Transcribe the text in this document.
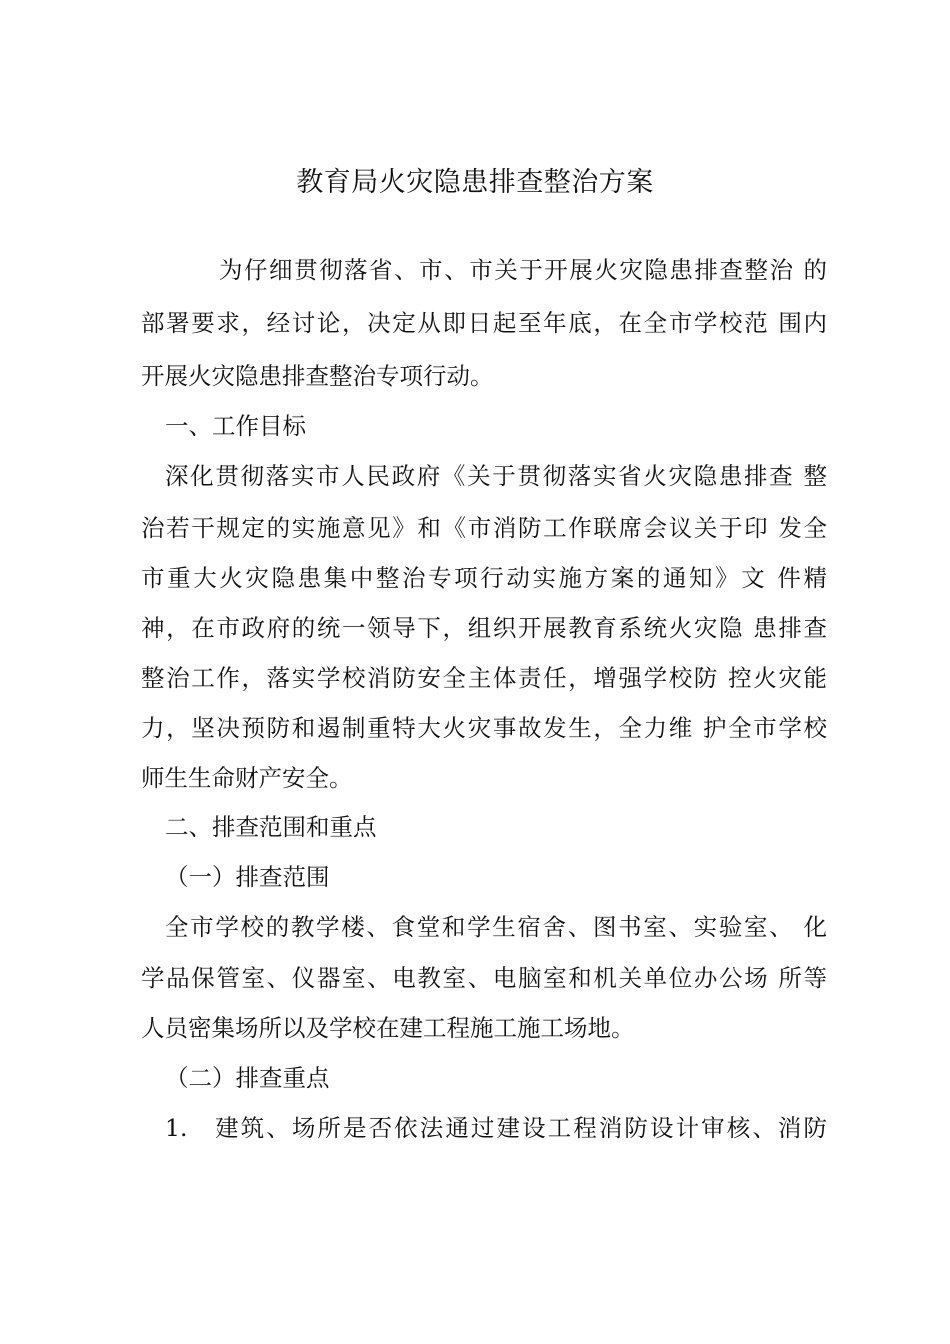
教育局火灾隐患排查整治方案
为仔细贯彻落省、市、市关于开展火灾隐患排查整治 的
部署要求，经讨论，决定从即日起至年底，在全市学校范 围内
开展火灾隐患排查整治专项行动。
一、工作目标
深化贯彻落实市人民政府《关于贯彻落实省火灾隐患排查 整
治若干规定的实施意见》和《市消防工作联席会议关于印 发全
市重大火灾隐患集中整治专项行动实施方案的通知》文 件精
神，在市政府的统一领导下，组织开展教育系统火灾隐 患排查
整治工作，落实学校消防安全主体责任，增强学校防 控火灾能
力，坚决预防和遏制重特大火灾事故发生，全力维 护全市学校
师生生命财产安全。
二、排查范围和重点
（一）排查范围
全市学校的教学楼、食堂和学生宿舍、图书室、实验室、 化
学品保管室、仪器室、电教室、电脑室和机关单位办公场 所等
人员密集场所以及学校在建工程施工施工场地。
（二）排查重点
1.　建筑、场所是否依法通过建设工程消防设计审核、消防
